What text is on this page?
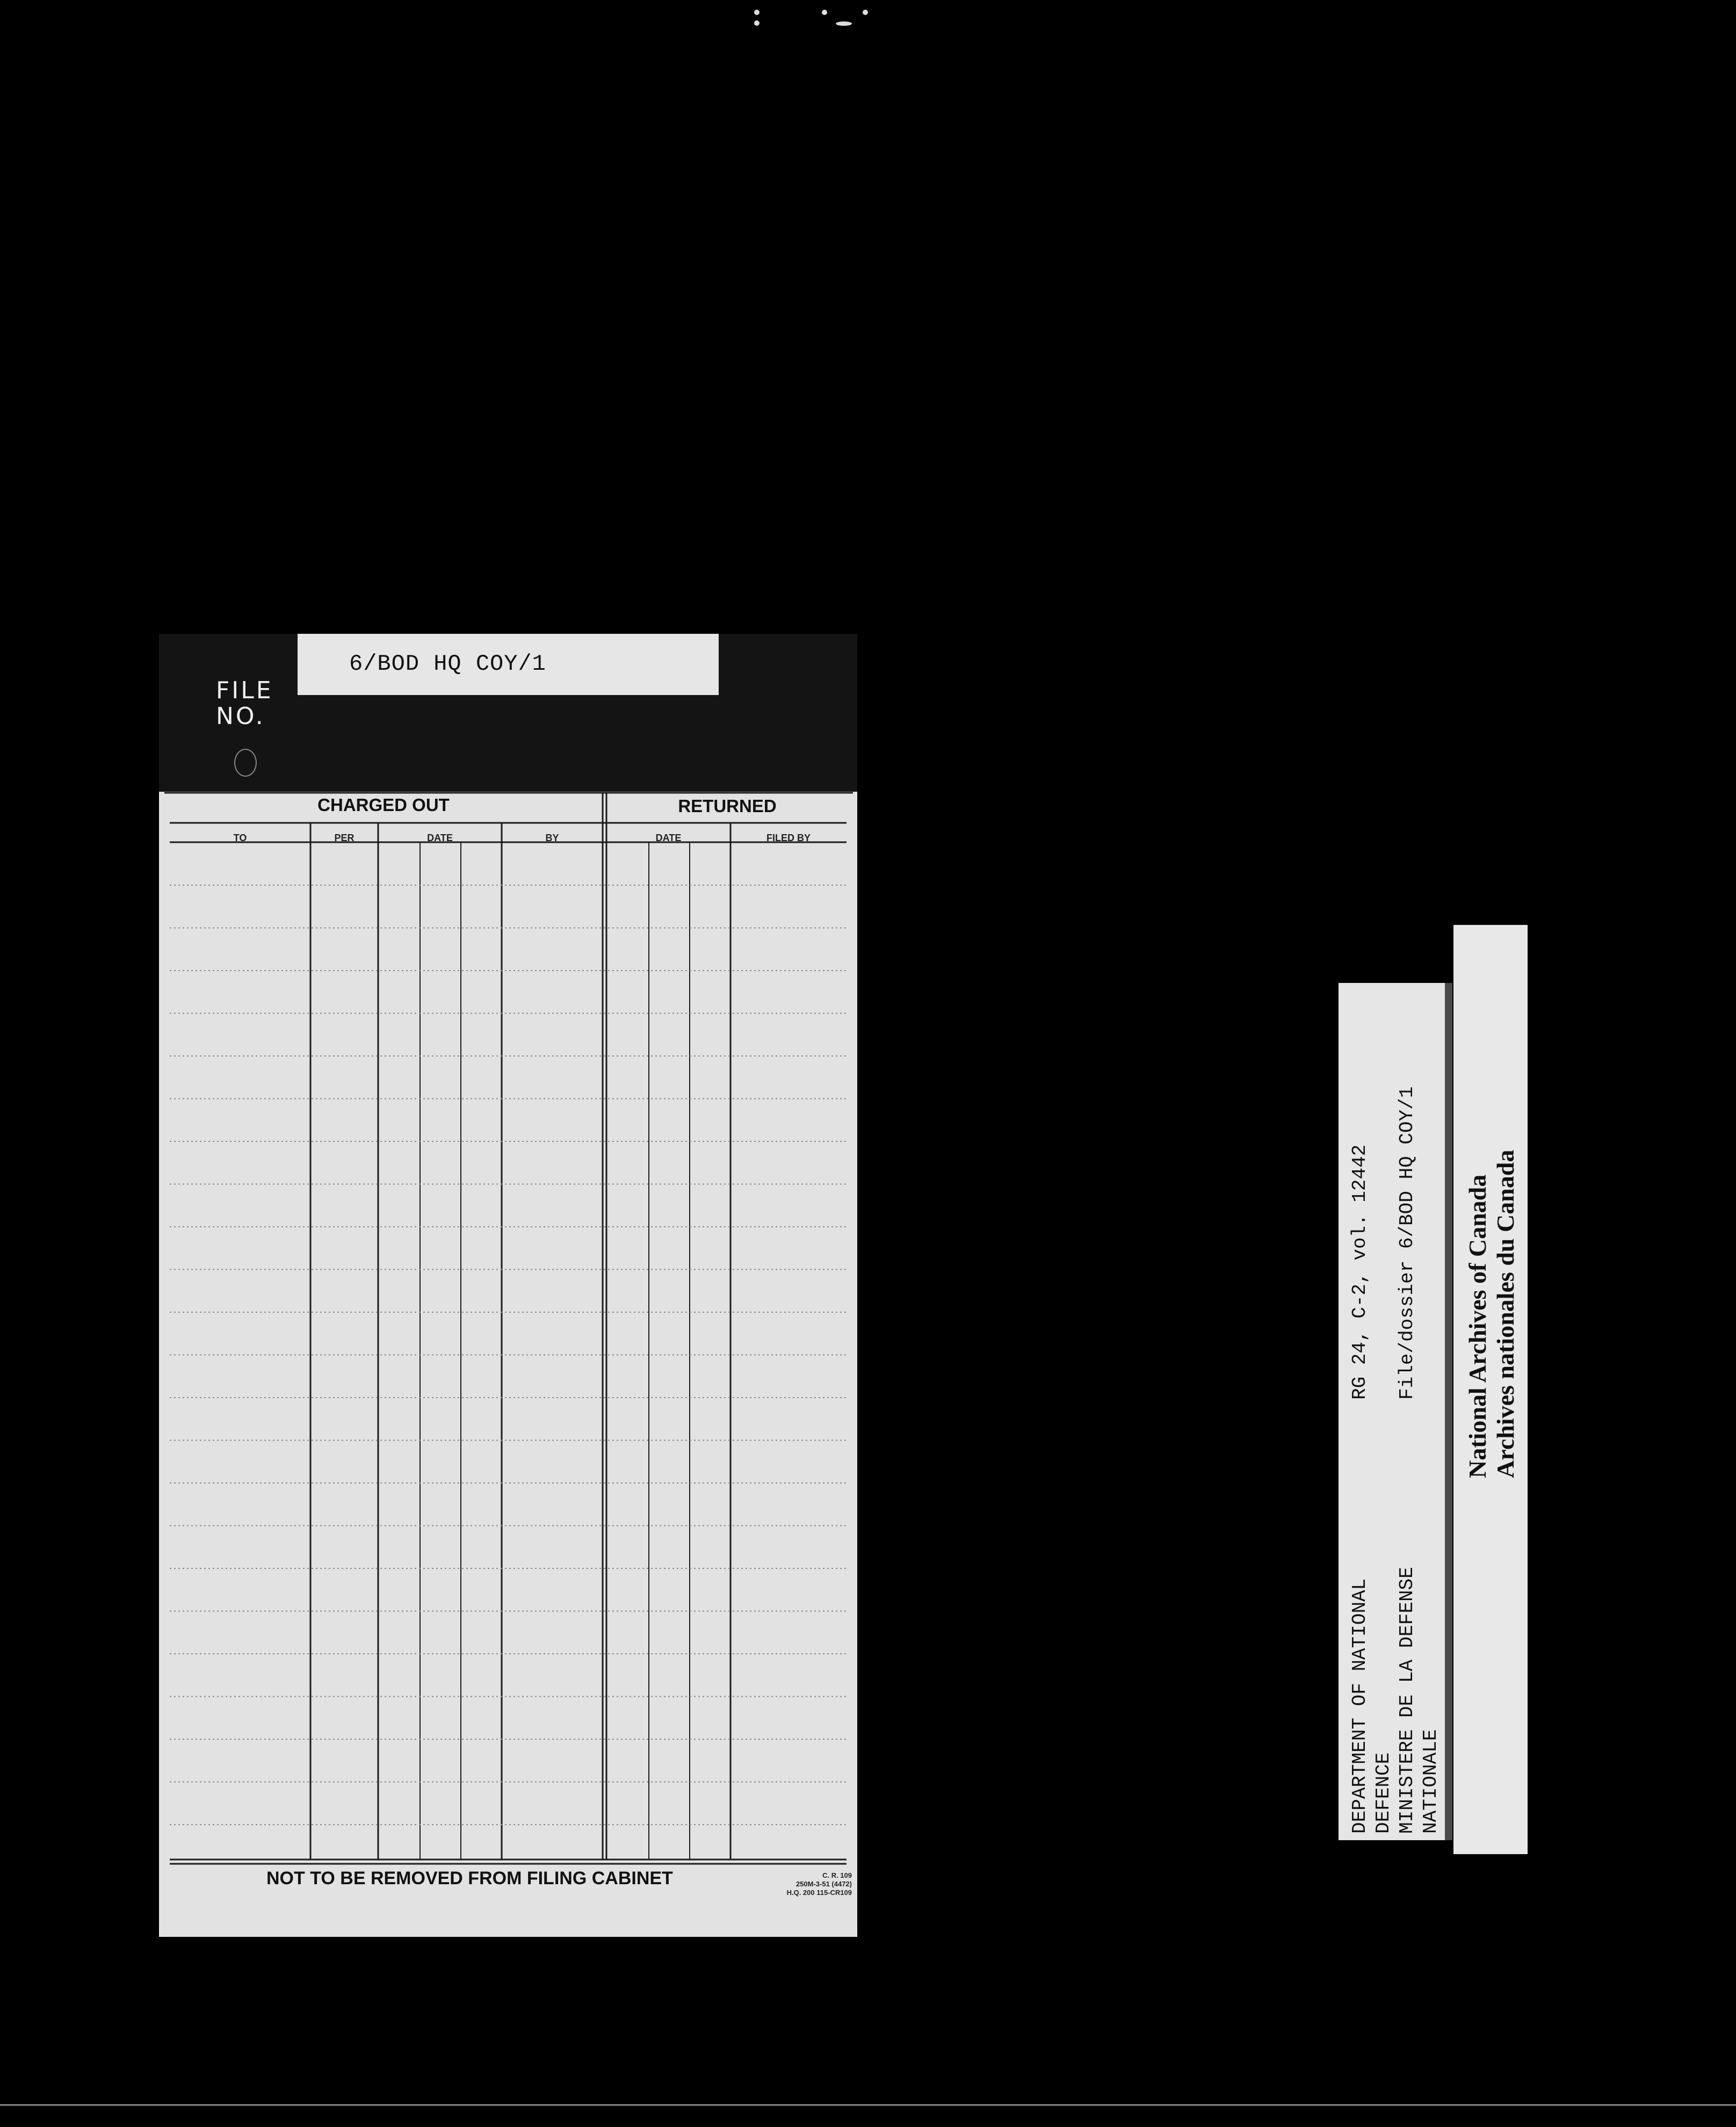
FILE
NO.
6/BOD HQ COY/1
CHARGED OUT	RETURNED
TO	PER	DATE	BY	DATE	FILED BY
NOT TO BE REMOVED FROM FILING CABINET	C. R. 109
250M-3-51 (4472)
H.Q. 200 115-CR109
DEPARTMENT OF NATIONAL DEFENCE MINISTERE DE LA DEFENSE NATIONALE
RG 24, C-2, vol. 12442 File/dossier 6/BOD HQ COY/1 National Archives of Canada Archives nationales du Canada
